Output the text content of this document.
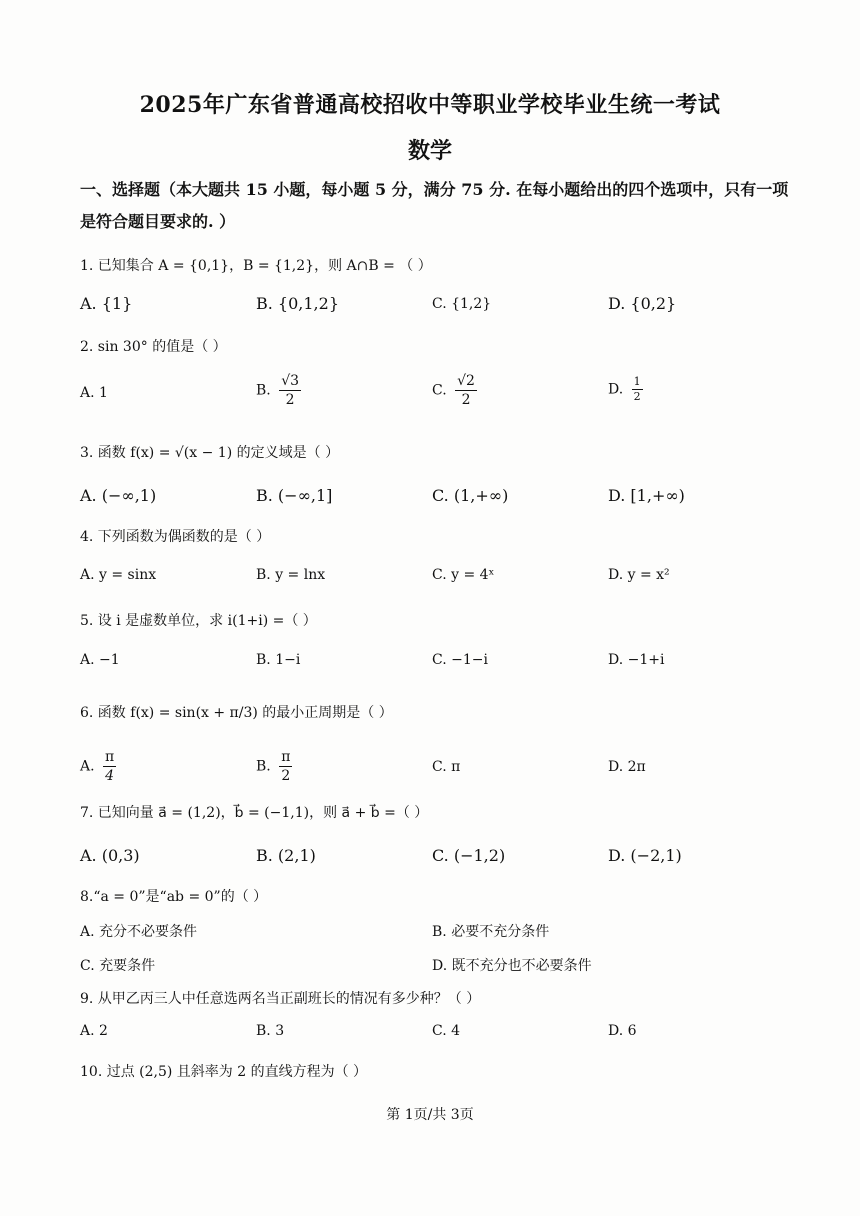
2025年广东省普通高校招收中等职业学校毕业生统一考试
数学
一、选择题（本大题共 15 小题，每小题 5 分，满分 75 分. 在每小题给出的四个选项中，只有一项是符合题目要求的. ）
1. 已知集合 A = {0,1}，B = {1,2}，则 A∩B = （ ）
A. {1}	B. {0,1,2}	C. {1,2}	D. {0,2}
2. sin 30° 的值是（ ）
A. 1	B. $\frac{√3}{2}$	C. $\frac{√2}{2}$	D. $\frac{1}{2}$
3. 函数 f(x) = √(x − 1) 的定义域是（ ）
A. (−∞,1)	B. (−∞,1]	C. (1,+∞)	D. [1,+∞)
4. 下列函数为偶函数的是（ ）
A. y = sinx	B. y = lnx	C. y = 4ˣ	D. y = x²
5. 设 i 是虚数单位，求 i(1+i) =（ ）
A. −1	B. 1−i	C. −1−i	D. −1+i
6. 函数 f(x) = sin(x + π/3) 的最小正周期是（ ）
A. $\frac{\pi}{4}$	B. $\frac{\pi}{2}$	C. π	D. 2π
7. 已知向量 a⃗ = (1,2)，b⃗ = (−1,1)，则 a⃗ + b⃗ =（ ）
A. (0,3)	B. (2,1)	C. (−1,2)	D. (−2,1)
8.“a = 0”是“ab = 0”的（ ）
A. 充分不必要条件	B. 必要不充分条件
C. 充要条件	D. 既不充分也不必要条件
9. 从甲乙丙三人中任意选两名当正副班长的情况有多少种？（ ）
A. 2	B. 3	C. 4	D. 6
10. 过点 (2,5) 且斜率为 2 的直线方程为（ ）
第 1页/共 3页
